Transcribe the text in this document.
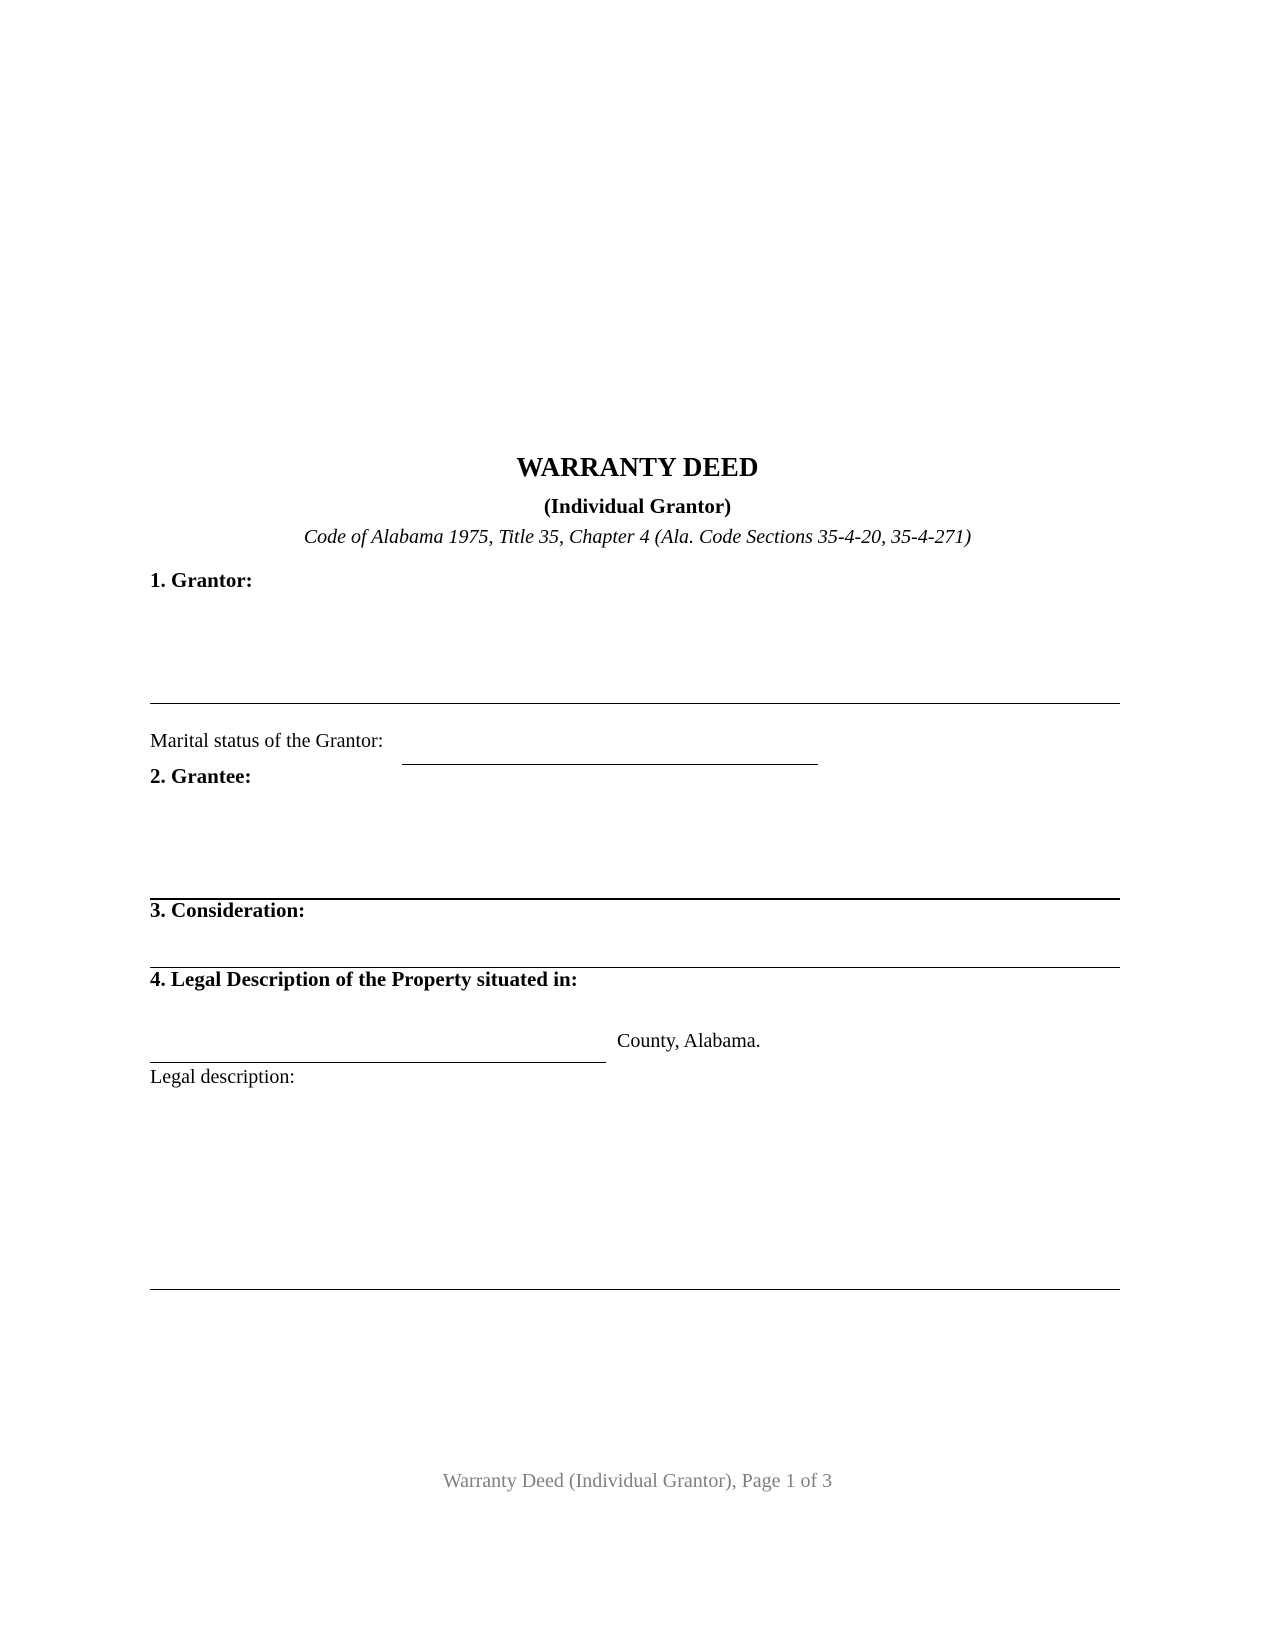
WARRANTY DEED
(Individual Grantor)
Code of Alabama 1975, Title 35, Chapter 4 (Ala. Code Sections 35-4-20, 35-4-271)
1. Grantor:
Marital status of the Grantor:
2. Grantee:
3. Consideration:
4. Legal Description of the Property situated in:
County, Alabama.
Legal description:
Warranty Deed (Individual Grantor), Page 1 of 3
